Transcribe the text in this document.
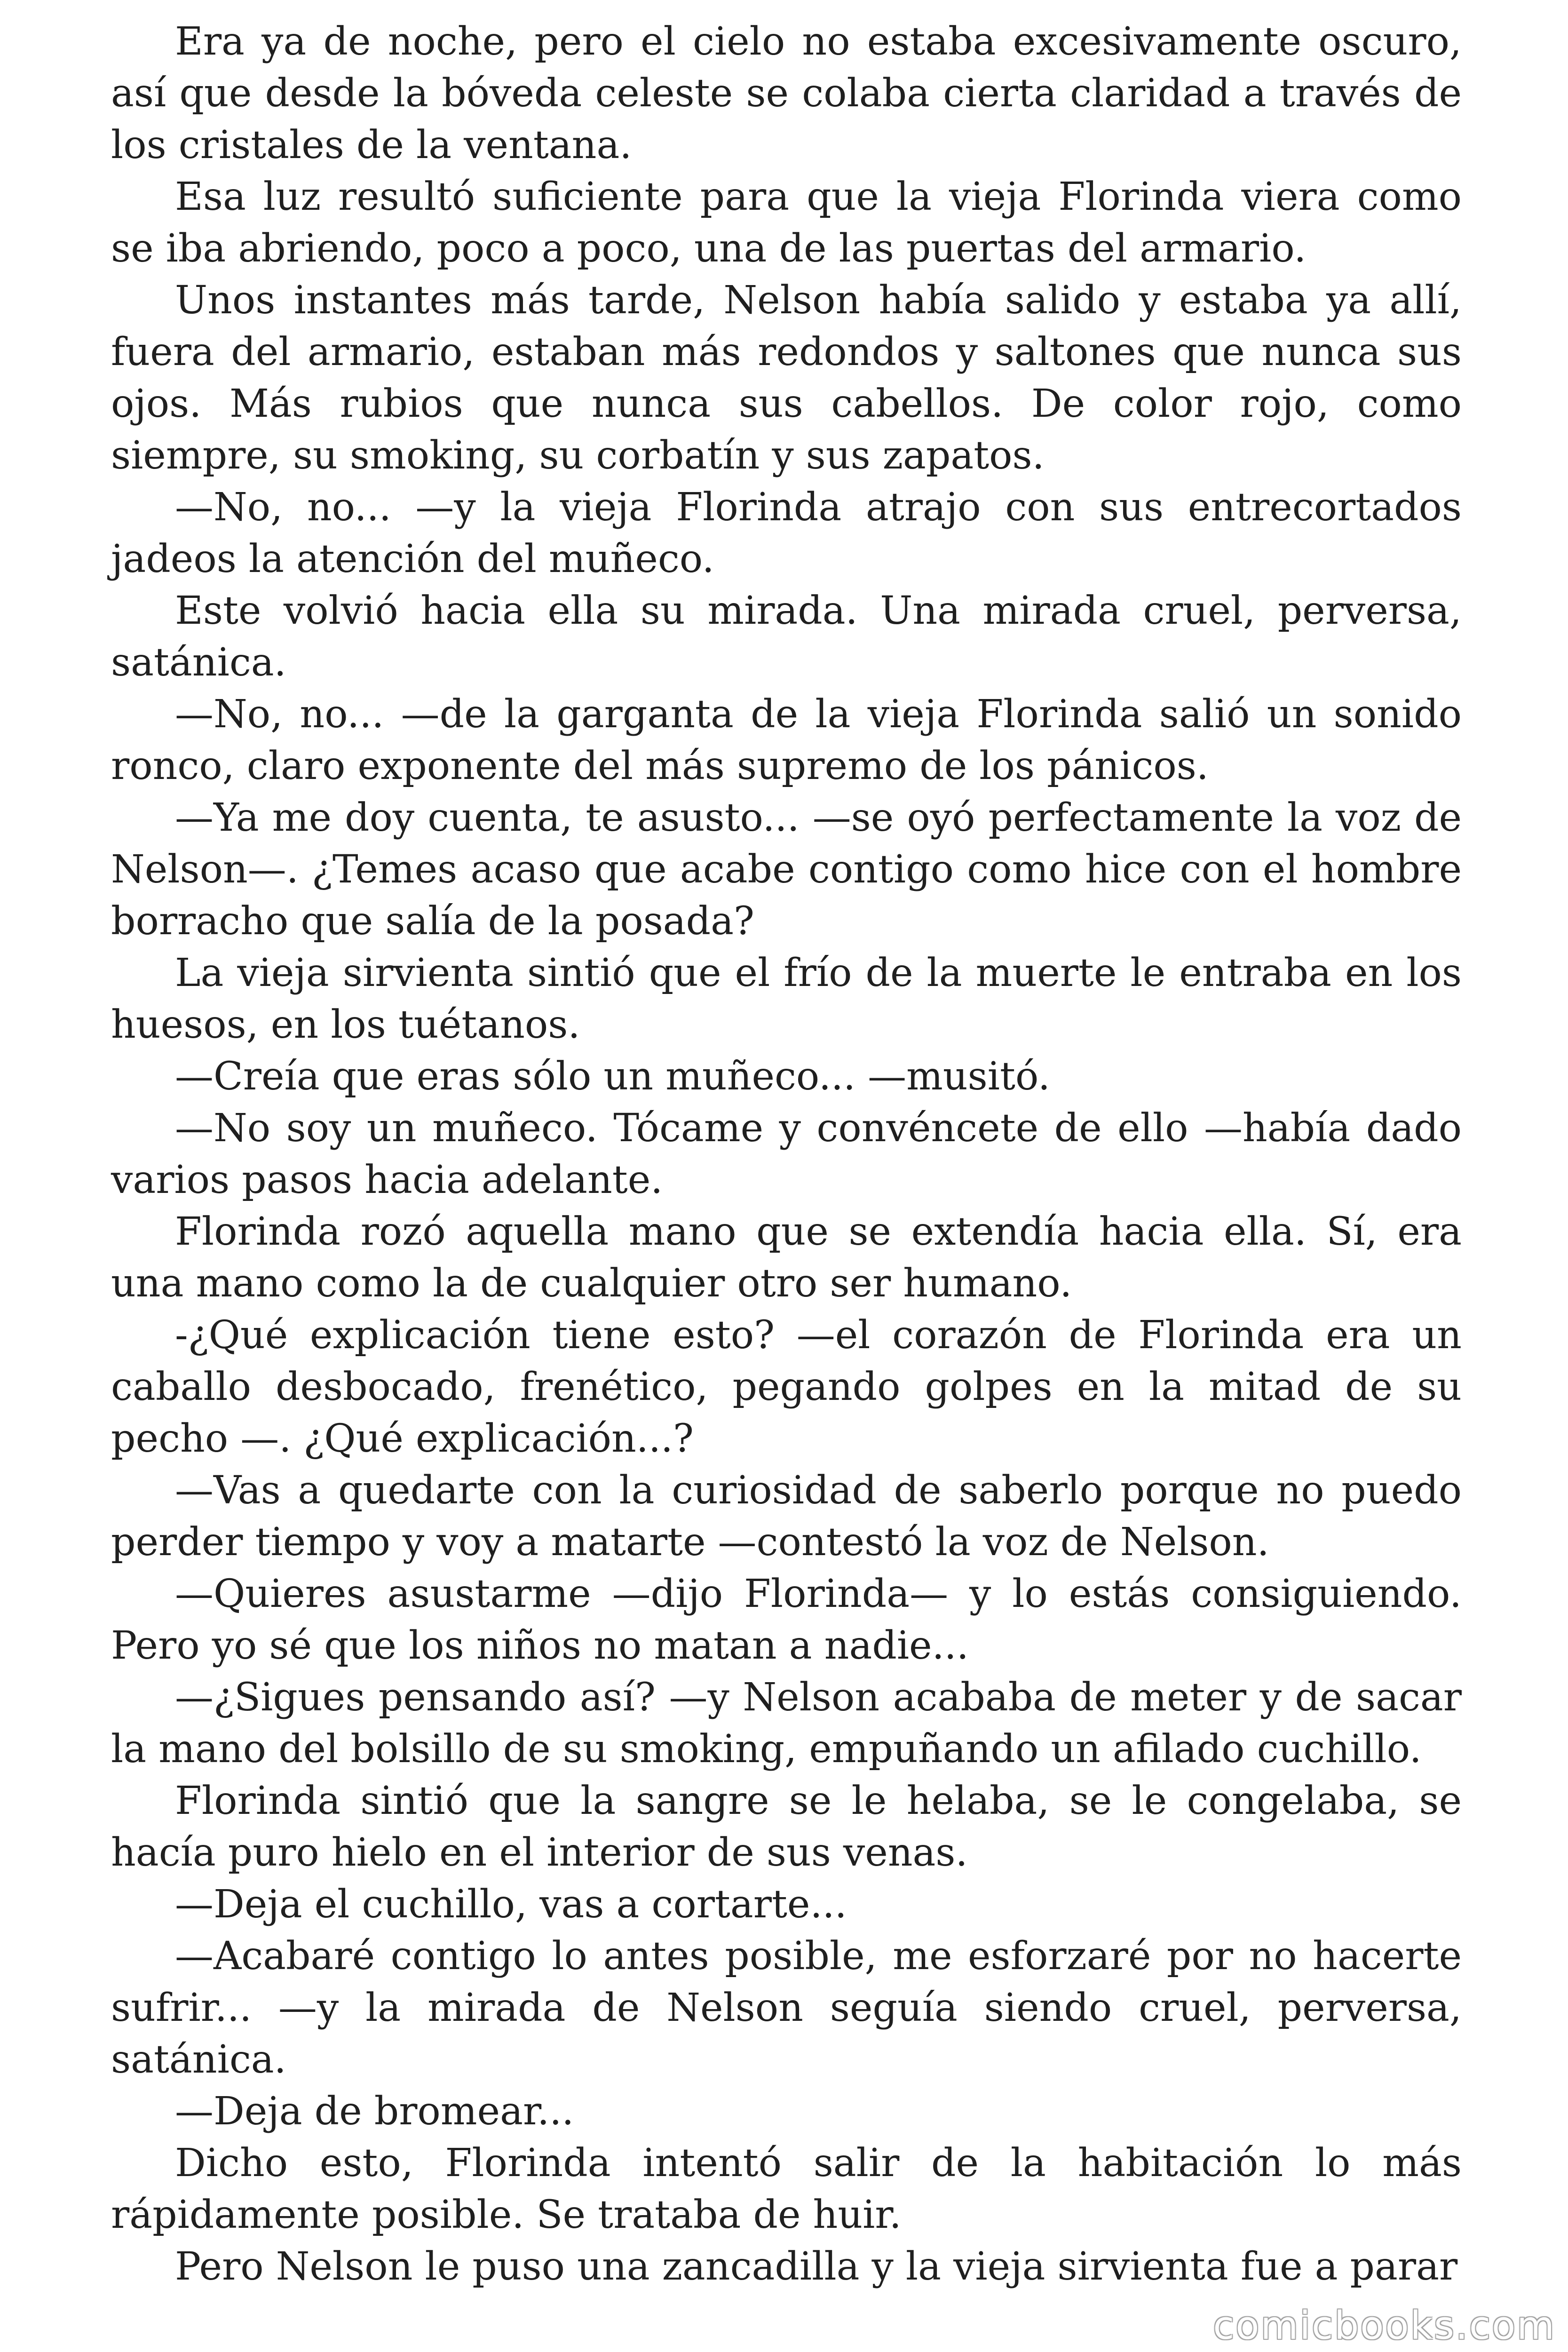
Era ya de noche, pero el cielo no estaba excesivamente oscuro, así que desde la bóveda celeste se colaba cierta claridad a través de los cristales de la ventana.

Esa luz resultó suficiente para que la vieja Florinda viera como se iba abriendo, poco a poco, una de las puertas del armario.

Unos instantes más tarde, Nelson había salido y estaba ya allí, fuera del armario, estaban más redondos y saltones que nunca sus ojos. Más rubios que nunca sus cabellos. De color rojo, como siempre, su smoking, su corbatín y sus zapatos.

—No, no... —y la vieja Florinda atrajo con sus entrecortados jadeos la atención del muñeco.

Este volvió hacia ella su mirada. Una mirada cruel, perversa, satánica.

—No, no... —de la garganta de la vieja Florinda salió un sonido ronco, claro exponente del más supremo de los pánicos.

—Ya me doy cuenta, te asusto... —se oyó perfectamente la voz de Nelson—. ¿Temes acaso que acabe contigo como hice con el hombre borracho que salía de la posada?

La vieja sirvienta sintió que el frío de la muerte le entraba en los huesos, en los tuétanos.

—Creía que eras sólo un muñeco... —musitó.

—No soy un muñeco. Tócame y convéncete de ello —había dado varios pasos hacia adelante.

Florinda rozó aquella mano que se extendía hacia ella. Sí, era una mano como la de cualquier otro ser humano.

-¿Qué explicación tiene esto? —el corazón de Florinda era un caballo desbocado, frenético, pegando golpes en la mitad de su pecho —. ¿Qué explicación...?

—Vas a quedarte con la curiosidad de saberlo porque no puedo perder tiempo y voy a matarte —contestó la voz de Nelson.

—Quieres asustarme —dijo Florinda— y lo estás consiguiendo. Pero yo sé que los niños no matan a nadie...

—¿Sigues pensando así? —y Nelson acababa de meter y de sacar la mano del bolsillo de su smoking, empuñando un afilado cuchillo.

Florinda sintió que la sangre se le helaba, se le congelaba, se hacía puro hielo en el interior de sus venas.

—Deja el cuchillo, vas a cortarte...

—Acabaré contigo lo antes posible, me esforzaré por no hacerte sufrir... —y la mirada de Nelson seguía siendo cruel, perversa, satánica.

—Deja de bromear...

Dicho esto, Florinda intentó salir de la habitación lo más rápidamente posible. Se trataba de huir.

Pero Nelson le puso una zancadilla y la vieja sirvienta fue a parar

comicbooks.com
